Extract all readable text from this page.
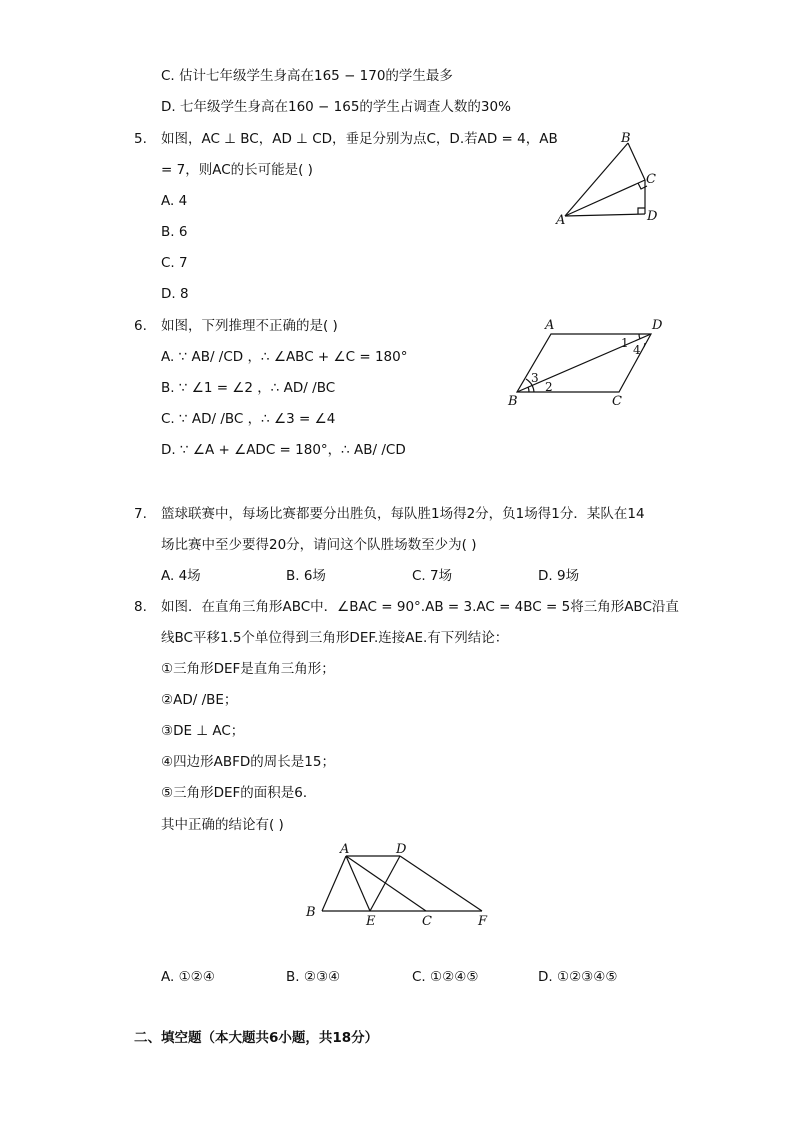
C. 估计七年级学生身高在165 − 170的学生最多
D. 七年级学生身高在160 − 165的学生占调查人数的30%
5. 如图，AC ⊥ BC，AD ⊥ CD，垂足分别为点C，D.若AD = 4，AB
= 7，则AC的长可能是( )
A. 4
B. 6
C. 7
D. 8
B
C
D
A
6. 如图，下列推理不正确的是( )
A. ∵ AB/ /CD ，∴ ∠ABC + ∠C = 180°
B. ∵ ∠1 = ∠2 ，∴ AD/ /BC
C. ∵ AD/ /BC ，∴ ∠3 = ∠4
D. ∵ ∠A + ∠ADC = 180°，∴ AB/ /CD
A	D
B	C
1 4
3
2
7. 篮球联赛中，每场比赛都要分出胜负，每队胜1场得2分，负1场得1分．某队在14
场比赛中至少要得20分，请问这个队胜场数至少为( )
A. 4场	B. 6场	C. 7场	D. 9场
8. 如图．在直角三角形ABC中．∠BAC = 90°.AB = 3.AC = 4BC = 5将三角形ABC沿直
线BC平移1.5个单位得到三角形DEF.连接AE.有下列结论：
①三角形DEF是直角三角形；
②AD/ /BE；
③DE ⊥ AC；
④四边形ABFD的周长是15；
⑤三角形DEF的面积是6．
其中正确的结论有( )
A	D
B
E	C	F
A. ①②④	B. ②③④	C. ①②④⑤	D. ①②③④⑤
二、填空题（本大题共6小题，共18分）
